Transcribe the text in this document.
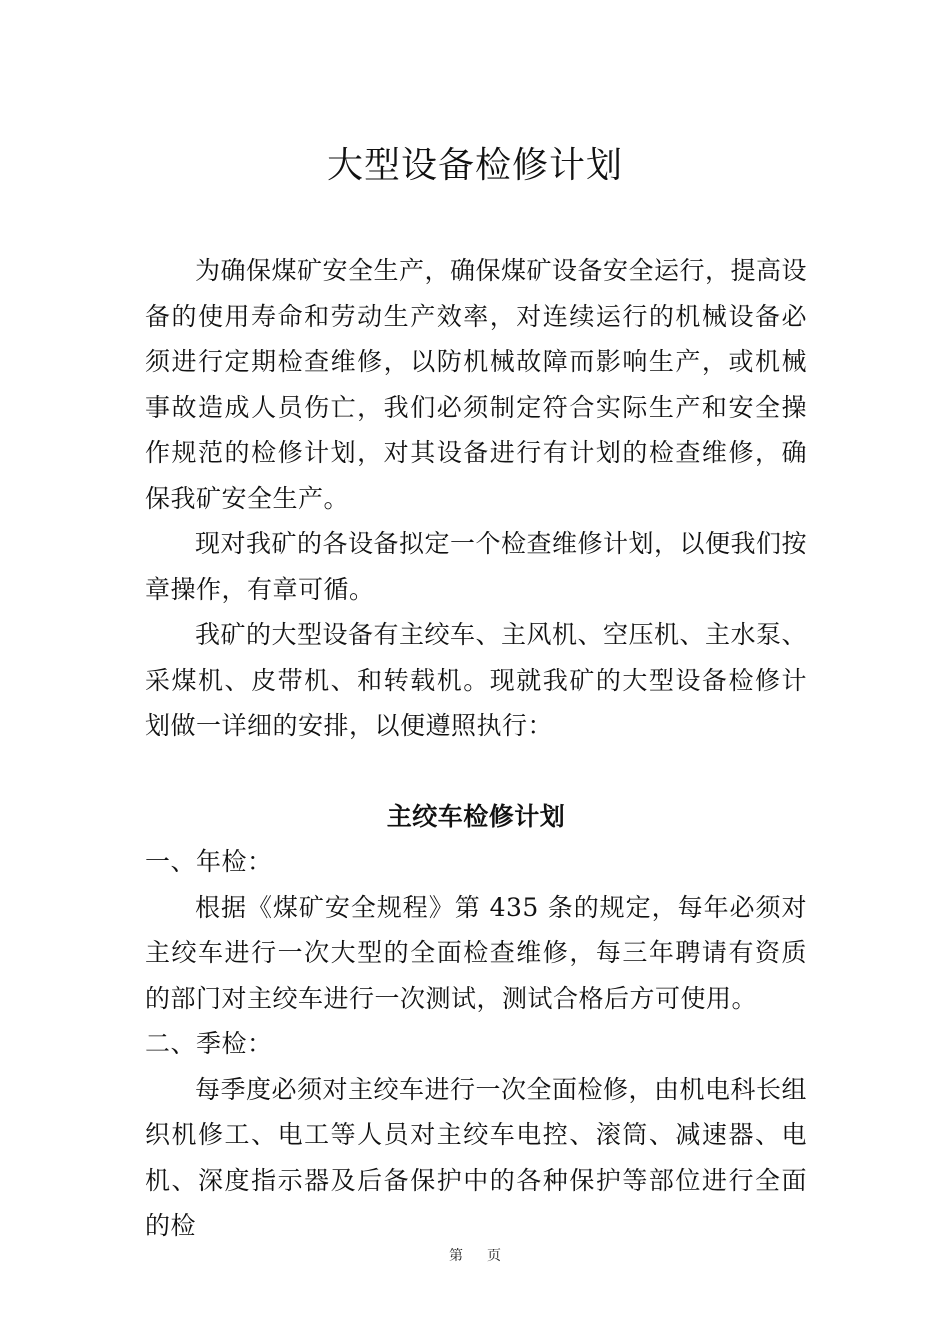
大型设备检修计划

为确保煤矿安全生产，确保煤矿设备安全运行，提高设备的使用寿命和劳动生产效率，对连续运行的机械设备必须进行定期检查维修，以防机械故障而影响生产，或机械事故造成人员伤亡，我们必须制定符合实际生产和安全操作规范的检修计划，对其设备进行有计划的检查维修，确保我矿安全生产。

现对我矿的各设备拟定一个检查维修计划，以便我们按章操作，有章可循。

我矿的大型设备有主绞车、主风机、空压机、主水泵、采煤机、皮带机、和转载机。现就我矿的大型设备检修计划做一详细的安排，以便遵照执行：

主绞车检修计划

一、年检：

根据《煤矿安全规程》第 435 条的规定，每年必须对主绞车进行一次大型的全面检查维修，每三年聘请有资质的部门对主绞车进行一次测试，测试合格后方可使用。

二、季检：

每季度必须对主绞车进行一次全面检修，由机电科长组织机修工、电工等人员对主绞车电控、滚筒、减速器、电机、深度指示器及后备保护中的各种保护等部位进行全面的检

第 页
